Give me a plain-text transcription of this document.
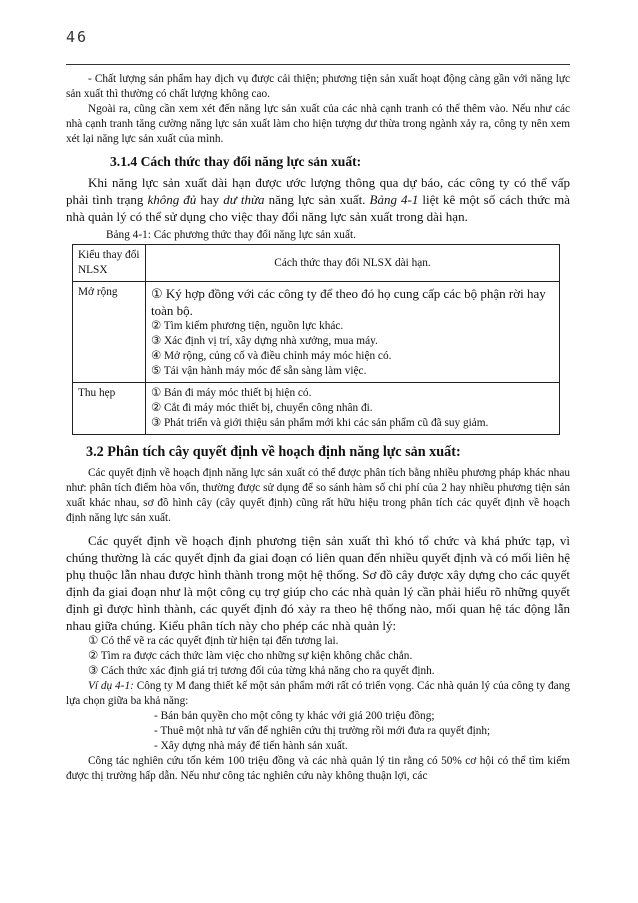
46

- Chất lượng sản phẩm hay dịch vụ được cải thiện; phương tiện sản xuất hoạt động càng gần với năng lực sản xuất thì thường có chất lượng không cao.

Ngoài ra, cũng cần xem xét đến năng lực sản xuất của các nhà cạnh tranh có thể thêm vào. Nếu như các nhà cạnh tranh tăng cường năng lực sản xuất làm cho hiện tượng dư thừa trong ngành xảy ra, công ty nên xem xét lại năng lực sản xuất của mình.

3.1.4 Cách thức thay đổi năng lực sản xuất:

Khi năng lực sản xuất dài hạn được ước lượng thông qua dự báo, các công ty có thể vấp phải tình trạng không đủ hay dư thừa năng lực sản xuất. Bảng 4-1 liệt kê một số cách thức mà nhà quản lý có thể sử dụng cho việc thay đổi năng lực sản xuất trong dài hạn.

Bảng 4-1: Các phương thức thay đổi năng lực sản xuất.
Kiểu thay đổi NLSX	Cách thức thay đổi NLSX dài hạn.
Mở rộng	① Ký hợp đồng với các công ty để theo đó họ cung cấp các bộ phận rời hay toàn bộ.
② Tìm kiếm phương tiện, nguồn lực khác.
③ Xác định vị trí, xây dựng nhà xưởng, mua máy.
④ Mở rộng, củng cố và điều chỉnh máy móc hiện có.
⑤ Tái vận hành máy móc để sẵn sàng làm việc.

Thu hẹp	① Bán đi máy móc thiết bị hiện có.
② Cắt đi máy móc thiết bị, chuyển công nhân đi.
③ Phát triển và giới thiệu sản phẩm mới khi các sản phẩm cũ đã suy giảm.
3.2 Phân tích cây quyết định về hoạch định năng lực sản xuất:

Các quyết định về hoạch định năng lực sản xuất có thể được phân tích bằng nhiều phương pháp khác nhau như: phân tích điểm hòa vốn, thường được sử dụng để so sánh hàm số chi phí của 2 hay nhiều phương tiện sản xuất khác nhau, sơ đồ hình cây (cây quyết định) cũng rất hữu hiệu trong phân tích các quyết định về hoạch định năng lực sản xuất.

Các quyết định về hoạch định phương tiện sản xuất thì khó tổ chức và khá phức tạp, vì chúng thường là các quyết định đa giai đoạn có liên quan đến nhiều quyết định và có mối liên hệ phụ thuộc lẫn nhau được hình thành trong một hệ thống. Sơ đồ cây được xây dựng cho các quyết định đa giai đoạn như là một công cụ trợ giúp cho các nhà quản lý cần phải hiểu rõ những quyết định gì được hình thành, các quyết định đó xảy ra theo hệ thống nào, mối quan hệ tác động lẫn nhau giữa chúng. Kiểu phân tích này cho phép các nhà quản lý:

① Có thể vẽ ra các quyết định từ hiện tại đến tương lai.
② Tìm ra được cách thức làm việc cho những sự kiện không chắc chắn.
③ Cách thức xác định giá trị tương đối của từng khả năng cho ra quyết định.

Ví dụ 4-1: Công ty M đang thiết kế một sản phẩm mới rất có triển vọng. Các nhà quản lý của công ty đang lựa chọn giữa ba khả năng:

- Bán bản quyền cho một công ty khác với giá 200 triệu đồng;
- Thuê một nhà tư vấn để nghiên cứu thị trường rồi mới đưa ra quyết định;
- Xây dựng nhà máy để tiến hành sản xuất.

Công tác nghiên cứu tốn kém 100 triệu đồng và các nhà quản lý tin rằng có 50% cơ hội có thể tìm kiếm được thị trường hấp dẫn. Nếu như công tác nghiên cứu này không thuận lợi, các
